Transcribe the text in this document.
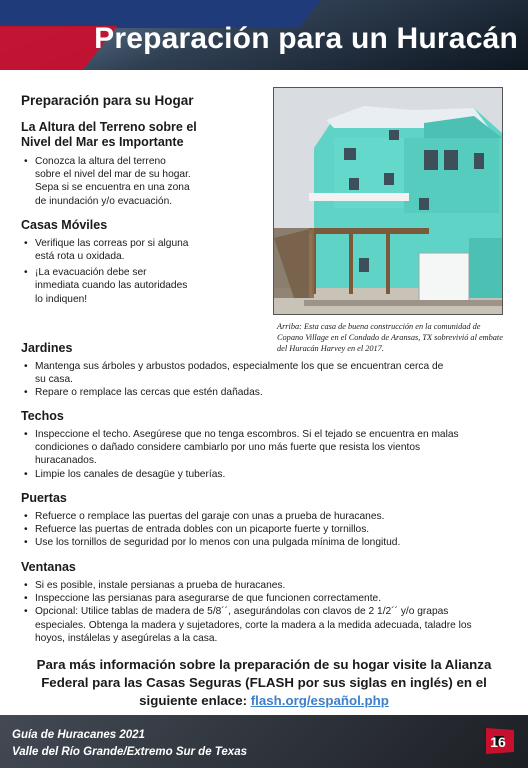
Preparación para un Huracán
Preparación para su Hogar
La Altura del Terreno sobre el Nivel del Mar es Importante
• Conozca la altura del terreno sobre el nivel del mar de su hogar. Sepa si se encuentra en una zona de inundación y/o evacuación.
Casas Móviles
• Verifique las correas por si alguna está rota u oxidada.
• ¡La evacuación debe ser inmediata cuando las autoridades lo indiquen!
Arriba: Esta casa de buena construcción en la comunidad de Copano Village en el Condado de Aransas, TX sobrevivió al embate del Huracán Harvey en el 2017.
Jardines
• Mantenga sus árboles y arbustos podados, especialmente los que se encuentran cerca de su casa.
• Repare o remplace las cercas que estén dañadas.
Techos
• Inspeccione el techo. Asegúrese que no tenga escombros. Si el tejado se encuentra en malas condiciones o dañado considere cambiarlo por uno más fuerte que resista los vientos huracanados.
• Limpie los canales de desagüe y tuberías.
Puertas
• Refuerce o remplace las puertas del garaje con unas a prueba de huracanes.
• Refuerce las puertas de entrada dobles con un picaporte fuerte y tornillos.
• Use los tornillos de seguridad por lo menos con una pulgada mínima de longitud.
Ventanas
• Si es posible, instale persianas a prueba de huracanes.
• Inspeccione las persianas para asegurarse de que funcionen correctamente.
• Opcional: Utilice tablas de madera de 5/8´´, asegurándolas con clavos de 2 1/2´´ y/o grapas especiales. Obtenga la madera y sujetadores, corte la madera a la medida adecuada, taladre los hoyos, instálelas y asegúrelas a la casa.
Para más información sobre la preparación de su hogar visite la Alianza Federal para las Casas Seguras (FLASH por sus siglas en inglés) en el siguiente enlace: flash.org/español.php
Guía de Huracanes 2021
Valle del Río Grande/Extremo Sur de Texas
16
